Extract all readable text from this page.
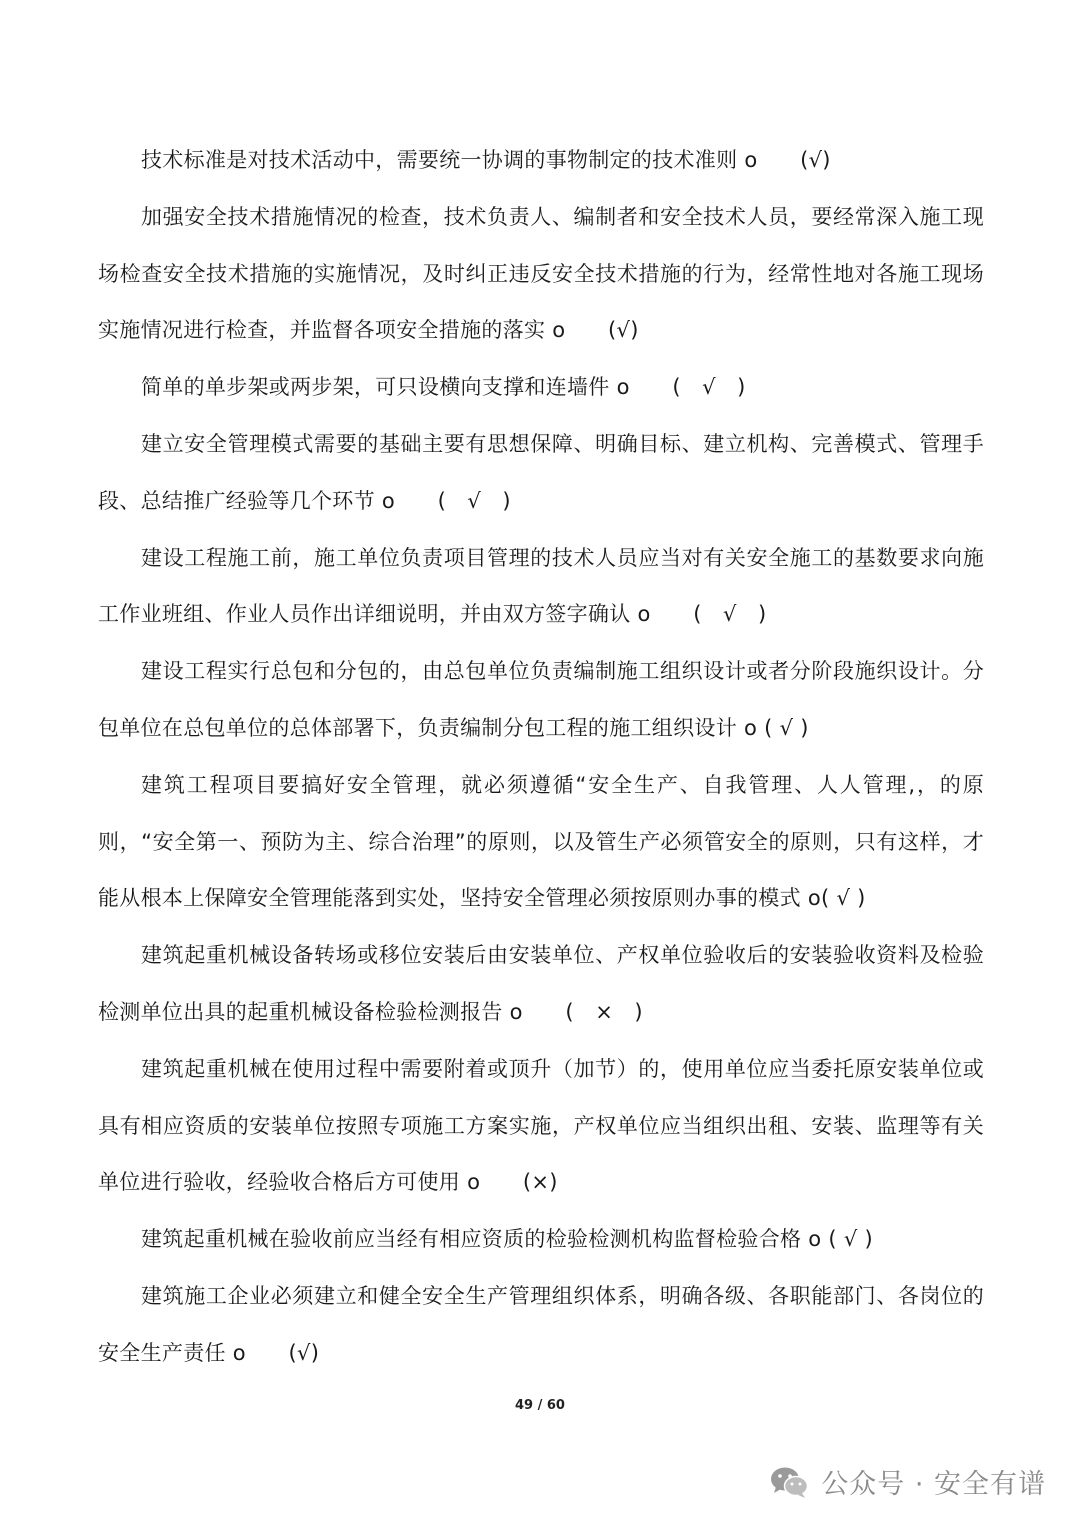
技术标准是对技术活动中，需要统一协调的事物制定的技术准则 o　　(√)

加强安全技术措施情况的检查，技术负责人、编制者和安全技术人员，要经常深入施工现场检查安全技术措施的实施情况，及时纠正违反安全技术措施的行为，经常性地对各施工现场实施情况进行检查，并监督各项安全措施的落实 o　　(√)

简单的单步架或两步架，可只设横向支撑和连墙件 o　　(　√　)

建立安全管理模式需要的基础主要有思想保障、明确目标、建立机构、完善模式、管理手段、总结推广经验等几个环节 o　　(　√　)

建设工程施工前，施工单位负责项目管理的技术人员应当对有关安全施工的基数要求向施工作业班组、作业人员作出详细说明，并由双方签字确认 o　　(　√　)

建设工程实行总包和分包的，由总包单位负责编制施工组织设计或者分阶段施织设计。分包单位在总包单位的总体部署下，负责编制分包工程的施工组织设计 o ( √ )

建筑工程项目要搞好安全管理，就必须遵循“安全生产、自我管理、人人管理,，的原则，“安全第一、预防为主、综合治理”的原则，以及管生产必须管安全的原则，只有这样，才能从根本上保障安全管理能落到实处，坚持安全管理必须按原则办事的模式 o( √ )

建筑起重机械设备转场或移位安装后由安装单位、产权单位验收后的安装验收资料及检验检测单位出具的起重机械设备检验检测报告 o　　(　×　)

建筑起重机械在使用过程中需要附着或顶升（加节）的，使用单位应当委托原安装单位或具有相应资质的安装单位按照专项施工方案实施，产权单位应当组织出租、安装、监理等有关单位进行验收，经验收合格后方可使用 o　　(×)

建筑起重机械在验收前应当经有相应资质的检验检测机构监督检验合格 o ( √ )

建筑施工企业必须建立和健全安全生产管理组织体系，明确各级、各职能部门、各岗位的安全生产责任 o　　(√)

49 / 60
公众号 · 安全有谱
